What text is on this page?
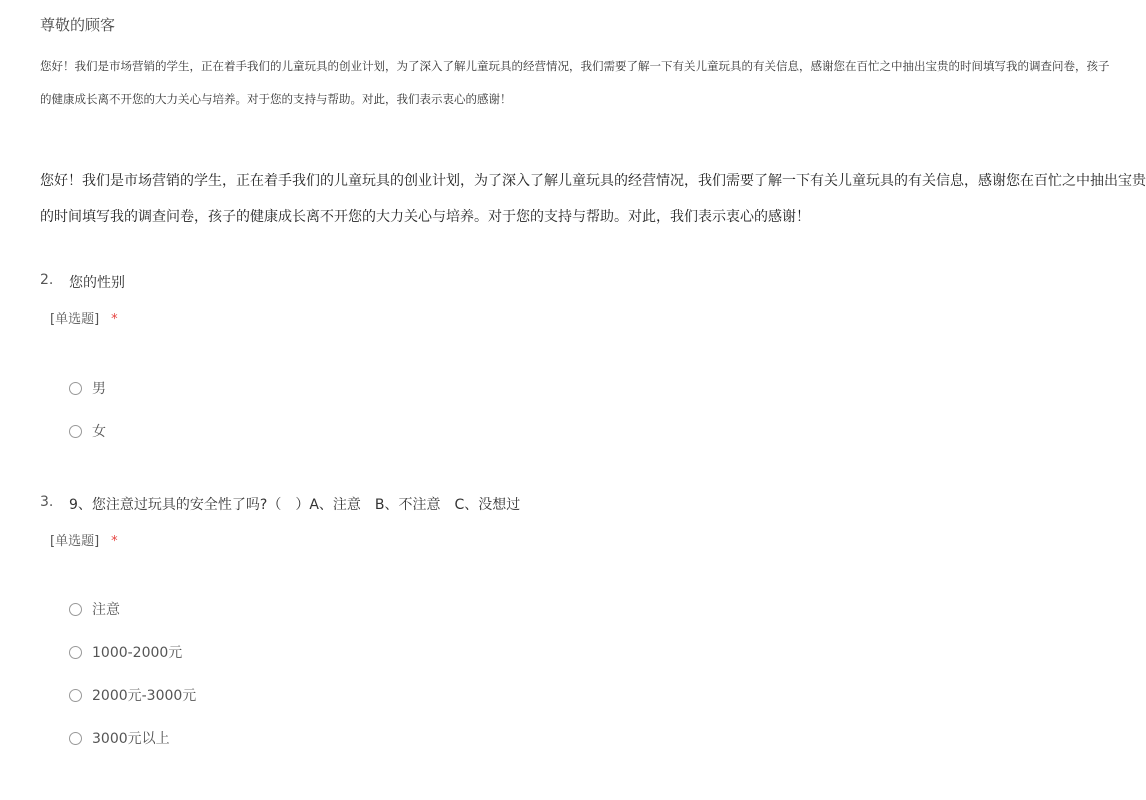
尊敬的顾客
您好！我们是市场营销的学生，正在着手我们的儿童玩具的创业计划，为了深入了解儿童玩具的经营情况，我们需要了解一下有关儿童玩具的有关信息，感谢您在百忙之中抽出宝贵的时间填写我的调查问卷，孩子
的健康成长离不开您的大力关心与培养。对于您的支持与帮助。对此，我们表示衷心的感谢！
您好！我们是市场营销的学生，正在着手我们的儿童玩具的创业计划，为了深入了解儿童玩具的经营情况，我们需要了解一下有关儿童玩具的有关信息，感谢您在百忙之中抽出宝贵
的时间填写我的调查问卷，孩子的健康成长离不开您的大力关心与培养。对于您的支持与帮助。对此，我们表示衷心的感谢！
2. 您的性别
[单选题] *
男
女
3. 9、您注意过玩具的安全性了吗?（　）A、注意　B、不注意　C、没想过
[单选题] *
注意
1000-2000元
2000元-3000元
3000元以上
